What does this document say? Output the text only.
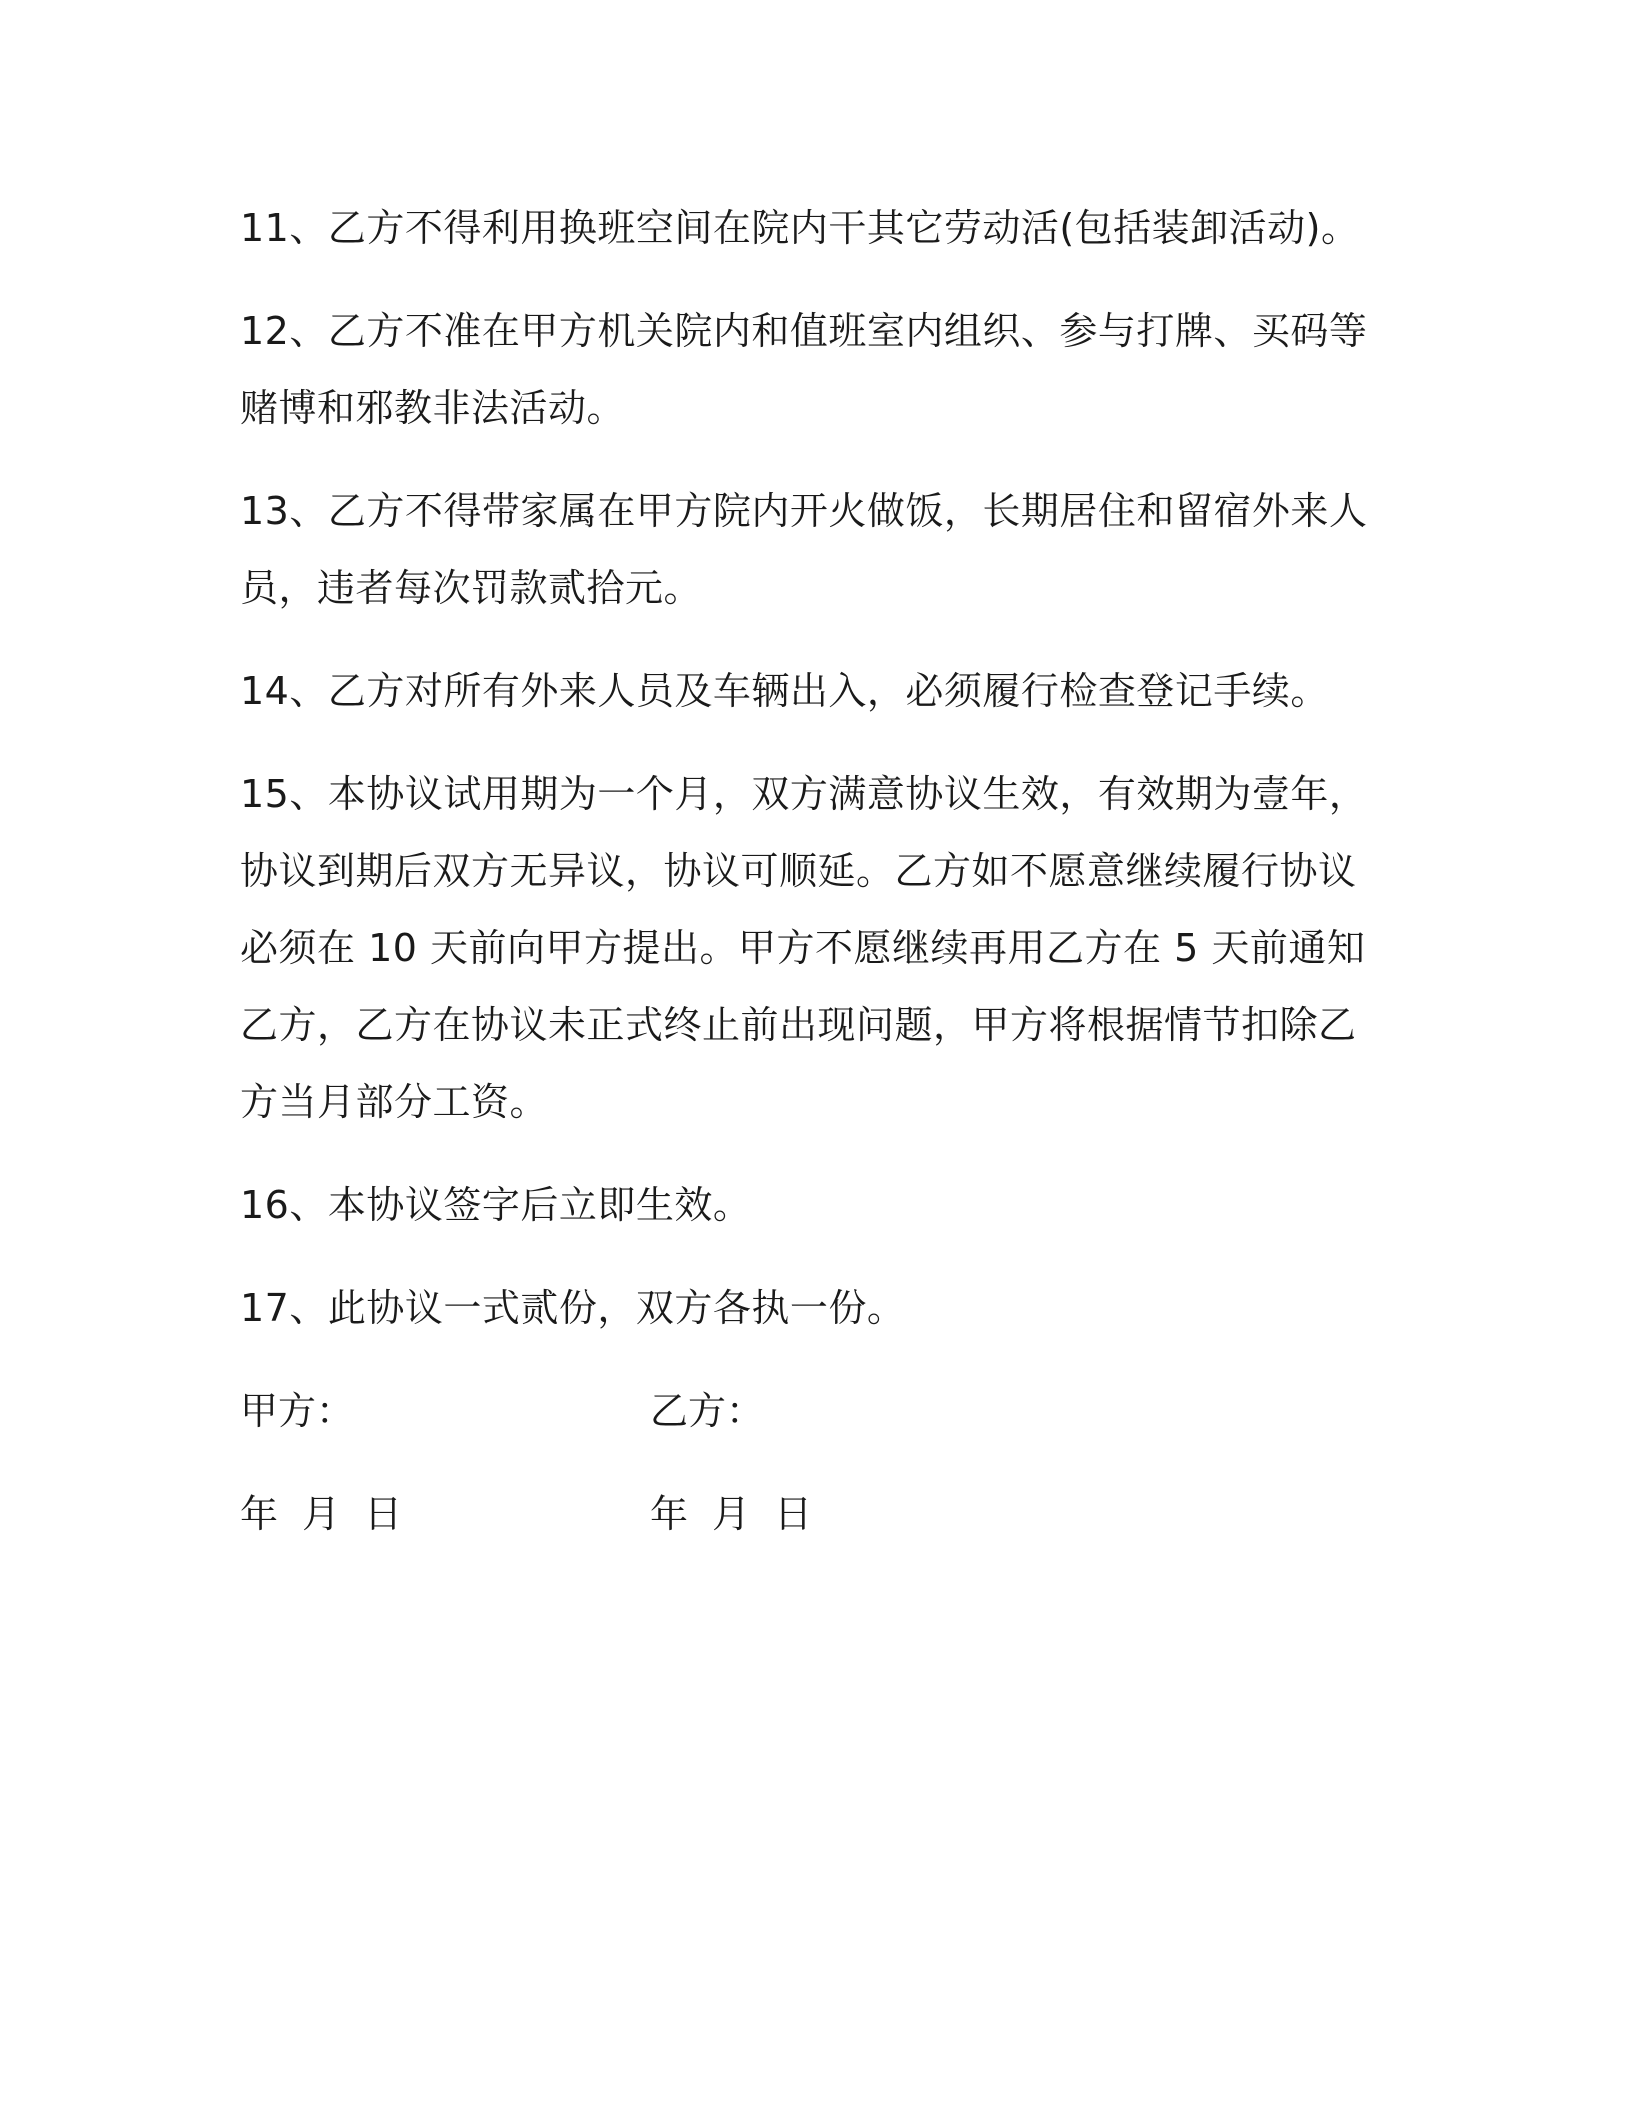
11、乙方不得利用换班空间在院内干其它劳动活(包括装卸活动)。

12、乙方不准在甲方机关院内和值班室内组织、参与打牌、买码等赌博和邪教非法活动。

13、乙方不得带家属在甲方院内开火做饭，长期居住和留宿外来人员，违者每次罚款贰拾元。

14、乙方对所有外来人员及车辆出入，必须履行检查登记手续。

15、本协议试用期为一个月，双方满意协议生效，有效期为壹年，协议到期后双方无异议，协议可顺延。乙方如不愿意继续履行协议必须在 10 天前向甲方提出。甲方不愿继续再用乙方在 5 天前通知乙方，乙方在协议未正式终止前出现问题，甲方将根据情节扣除乙方当月部分工资。

16、本协议签字后立即生效。

17、此协议一式贰份，双方各执一份。

甲方：	乙方：
年 月 日	年 月 日
